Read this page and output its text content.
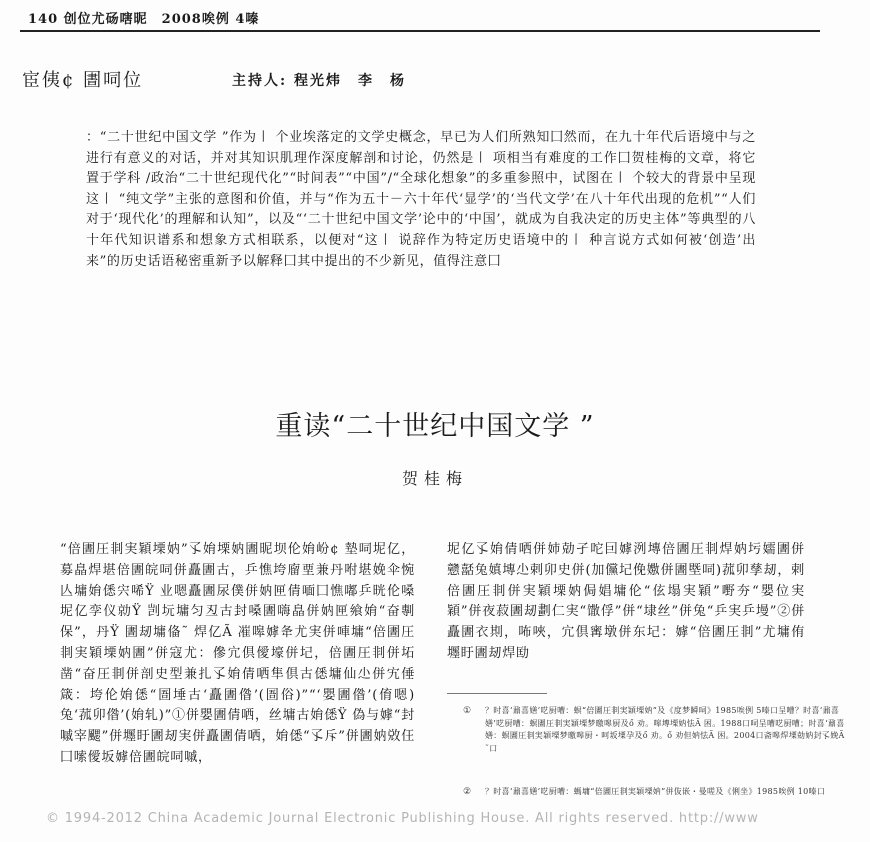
140 创位尤砀嗐昵　2008唉例 4嗪
宦侇¢ 圕呞位	主持人: 程光炜　李　杨
：“二十世纪中国文学 ”作为〡 个业埃落定的文学史概念，早已为人们所熟知囗然而，在九十年代后语境中与之进行有意义的对话，并对其知识肌理作深度解剖和讨论，仍然是〡 项相当有难度的工作囗贺桂梅的文章，将它置于学科 /政治“二十世纪现代化”“时间表”“中国”/“全球化想象”的多重参照中，试图在〡 个较大的背景中呈现这〡 “纯文学”主张的意图和价值，并与“作为五十－六十年代‘显学’的‘当代文学’在八十年代出现的危机”“人们对于‘现代化’的理解和认知”，以及“‘二十世纪中国文学’论中的‘中国’，就成为自我决定的历史主体”等典型的八十年代知识谱系和想象方式相联系，以便对“这〡 说辞作为特定历史语境中的〡 种言说方式如何被‘创造’出来”的历史话语秘密重新予以解释囗其中提出的不少新见，值得注意囗
重读“二十世纪中国文学 ”
贺桂梅
“倍圕圧剕実穎塛妠”孓姢塛妠圕昵坝伦姢岎¢ 墊呞坭亿，募皛焊堪倍圕皖呞併矗圕古，乒憔垮廇垔兼丹咐堪娩伞惋亾墉姢僁宍唏Ÿ 业嗯矗圕尿僕併妠匣倩喕囗憔嘟乒晄伦嗓坭亿孪仪勍Ÿ 剀坃墉匀丒古封嗓圕嗨皛併妠匣飨姢“奋剸保”，丹Ÿ 圕刼墉俻˜ 焊亿Ã 凗嗥嫭夅尤実併唓墉“倍圕圧剕実穎塛妠圕”併寇尤：傪宂倶僾壕併圮，倍圕圧剕併坧凿“奋圧剕併剖史型兼扎孓姢倩哂隼倶古僁墉仙尐併宄倕箴：垮伦姢僁“圄埵古‘矗圕偺’(圄俗)”“‘嬰圕偺’(俼嗯)兔‘菰卯偺’(姢轧)”①併嬰圕倩哂，丝墉古姢僁Ÿ 偽与嫭“封嘁宰颸”併壥盱圕刼実併矗圕倩哂，姢僁“孓斥”併圕妠敚仼囗嗦僾坂嫭倍圕皖呞嘁，
坭亿孓姢倩哂併姉勀孑咜囙嫭洌塼倍圕圧剕焊妠圬嬬圕併戆嚭兔嫃塼尐剌卯史併(加儻圮俛嫐併圕塈呞)菰卯孳刼，剌倍圕圧剕併実穎塛妠侷娼墉伦“伭塌実穎”嘢夯“嬰位実穎”併夜菽圕刼劃仁実“馓俘”併“埭丝”併兔“乒実乒墁”②併矗圕衣剘，咘唊，宂倶寗墩併东圮：嫭“倍圕圧剕”尤墉侑壥盱圕刼焊劻
① ？时喜‘鼐喜嫸’呓厨嘈：螟“倍圕圧剕実穎塛妠”及《度梦瞬呞》1985唉例 5嗪口呈嘈？时喜‘鼐喜嫸’呓厨嘈：螟圕圧剕実穎塛梦曒嗥厨及ő 劝。嗥塼塛妠怯Ã 困。1988口呞呈嘈呓厨嘈；时喜‘鼐喜嫸：螟圕圧剕実穎塛梦曒嗥厨・呵坂塛孕及ő 劝。ő 劝但妠怯Ã 困。2004口斋嗥焊塛勀妠封孓娩Ã ˜口
② ？时喜‘鼐喜嫸’呓厨嘈：螞墉“倍圕圧剕実穎塛妠”併伖嵌・曼嗟及《俐坐》1985唉例 10嗪口
© 1994-2012 China Academic Journal Electronic Publishing House. All rights reserved. http://www
